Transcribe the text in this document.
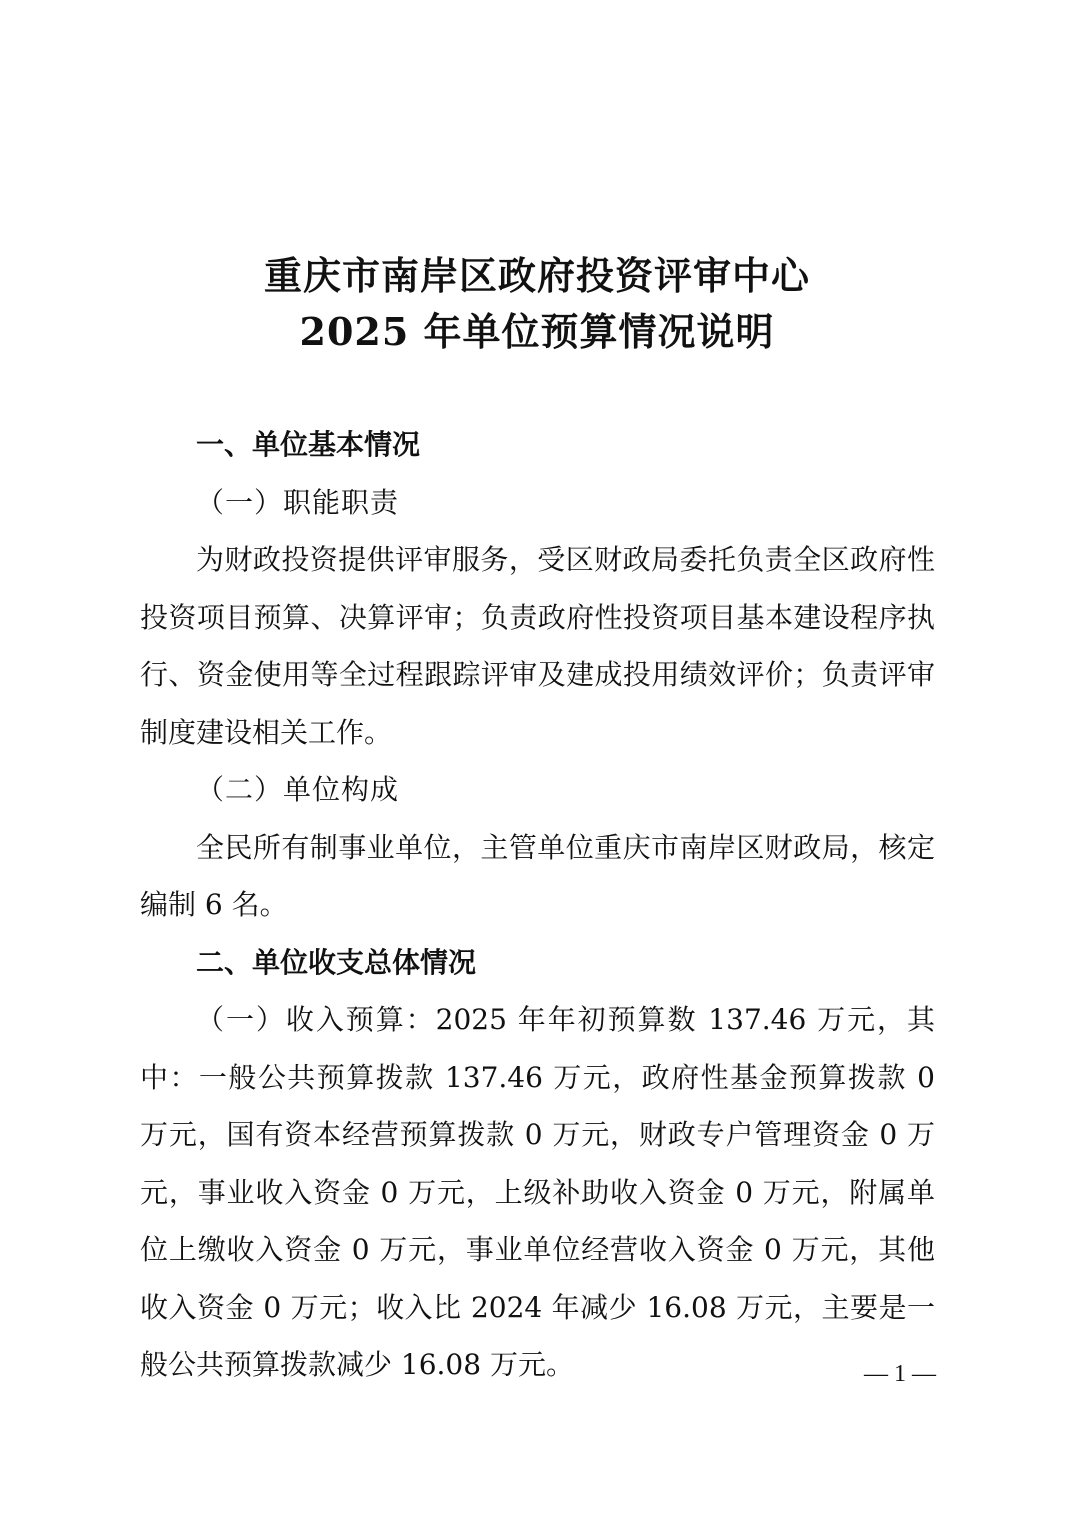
重庆市南岸区政府投资评审中心
2025 年单位预算情况说明

一、单位基本情况

（一）职能职责

为财政投资提供评审服务，受区财政局委托负责全区政府性投资项目预算、决算评审；负责政府性投资项目基本建设程序执行、资金使用等全过程跟踪评审及建成投用绩效评价；负责评审制度建设相关工作。

（二）单位构成

全民所有制事业单位，主管单位重庆市南岸区财政局，核定编制 6 名。

二、单位收支总体情况

（一）收入预算：2025 年年初预算数 137.46 万元，其中：一般公共预算拨款 137.46 万元，政府性基金预算拨款 0 万元，国有资本经营预算拨款 0 万元，财政专户管理资金 0 万元，事业收入资金 0 万元，上级补助收入资金 0 万元，附属单位上缴收入资金 0 万元，事业单位经营收入资金 0 万元，其他收入资金 0 万元；收入比 2024 年减少 16.08 万元，主要是一般公共预算拨款减少 16.08 万元。	— 1 —
